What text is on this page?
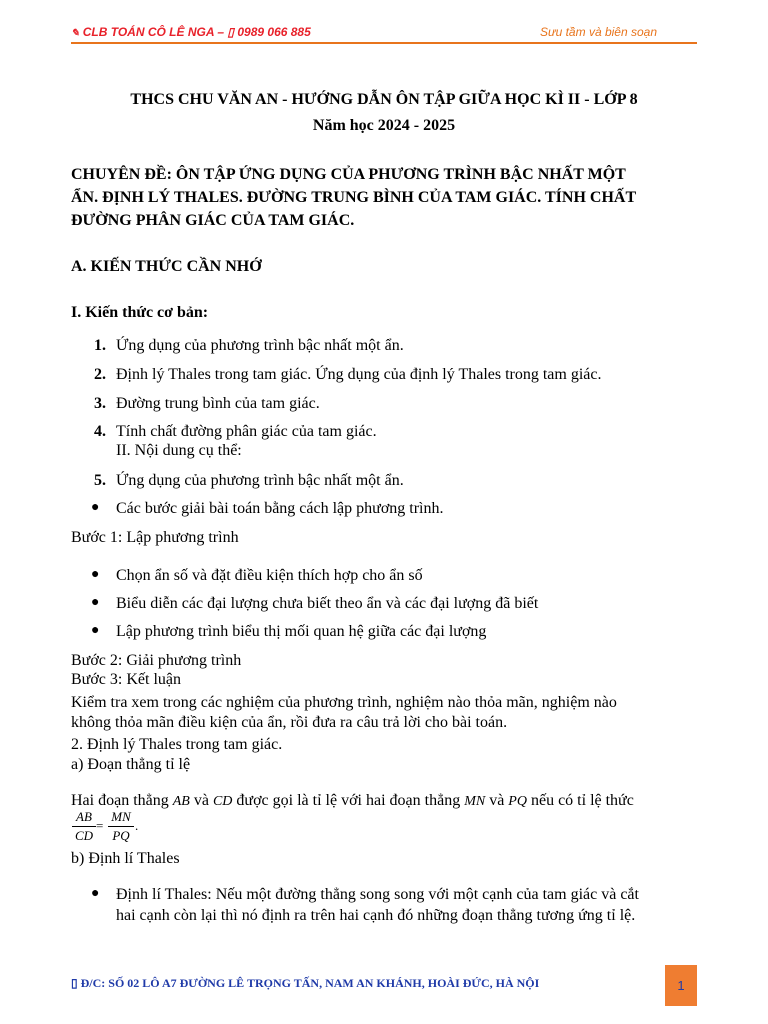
✎ CLB TOÁN CÔ LÊ NGA – ▯ 0989 066 885	Sưu tầm và biên soạn
THCS CHU VĂN AN - HƯỚNG DẪN ÔN TẬP GIỮA HỌC KÌ II - LỚP 8
Năm học 2024 - 2025
CHUYÊN ĐỀ: ÔN TẬP ỨNG DỤNG CỦA PHƯƠNG TRÌNH BẬC NHẤT MỘT
ẨN. ĐỊNH LÝ THALES. ĐƯỜNG TRUNG BÌNH CỦA TAM GIÁC. TÍNH CHẤT
ĐƯỜNG PHÂN GIÁC CỦA TAM GIÁC.
A. KIẾN THỨC CẦN NHỚ
I. Kiến thức cơ bản:
1. Ứng dụng của phương trình bậc nhất một ẩn.
2. Định lý Thales trong tam giác. Ứng dụng của định lý Thales trong tam giác.
3. Đường trung bình của tam giác.
4. Tính chất đường phân giác của tam giác.
II. Nội dung cụ thể:
5. Ứng dụng của phương trình bậc nhất một ẩn.
● Các bước giải bài toán bằng cách lập phương trình.
Bước 1: Lập phương trình
● Chọn ẩn số và đặt điều kiện thích hợp cho ẩn số
● Biểu diễn các đại lượng chưa biết theo ẩn và các đại lượng đã biết
● Lập phương trình biểu thị mối quan hệ giữa các đại lượng
Bước 2: Giải phương trình
Bước 3: Kết luận
Kiểm tra xem trong các nghiệm của phương trình, nghiệm nào thỏa mãn, nghiệm nào
không thỏa mãn điều kiện của ẩn, rồi đưa ra câu trả lời cho bài toán.
2. Định lý Thales trong tam giác.
a) Đoạn thẳng tỉ lệ
Hai đoạn thẳng AB và CD được gọi là tỉ lệ với hai đoạn thẳng MN và PQ nếu có tỉ lệ thức
AB
CD
=
MN
PQ
.
b) Định lí Thales
● Định lí Thales: Nếu một đường thẳng song song với một cạnh của tam giác và cắt
hai cạnh còn lại thì nó định ra trên hai cạnh đó những đoạn thẳng tương ứng tỉ lệ.
▯ Đ/C: SỐ 02 LÔ A7 ĐƯỜNG LÊ TRỌNG TẤN, NAM AN KHÁNH, HOÀI ĐỨC, HÀ NỘI	1
